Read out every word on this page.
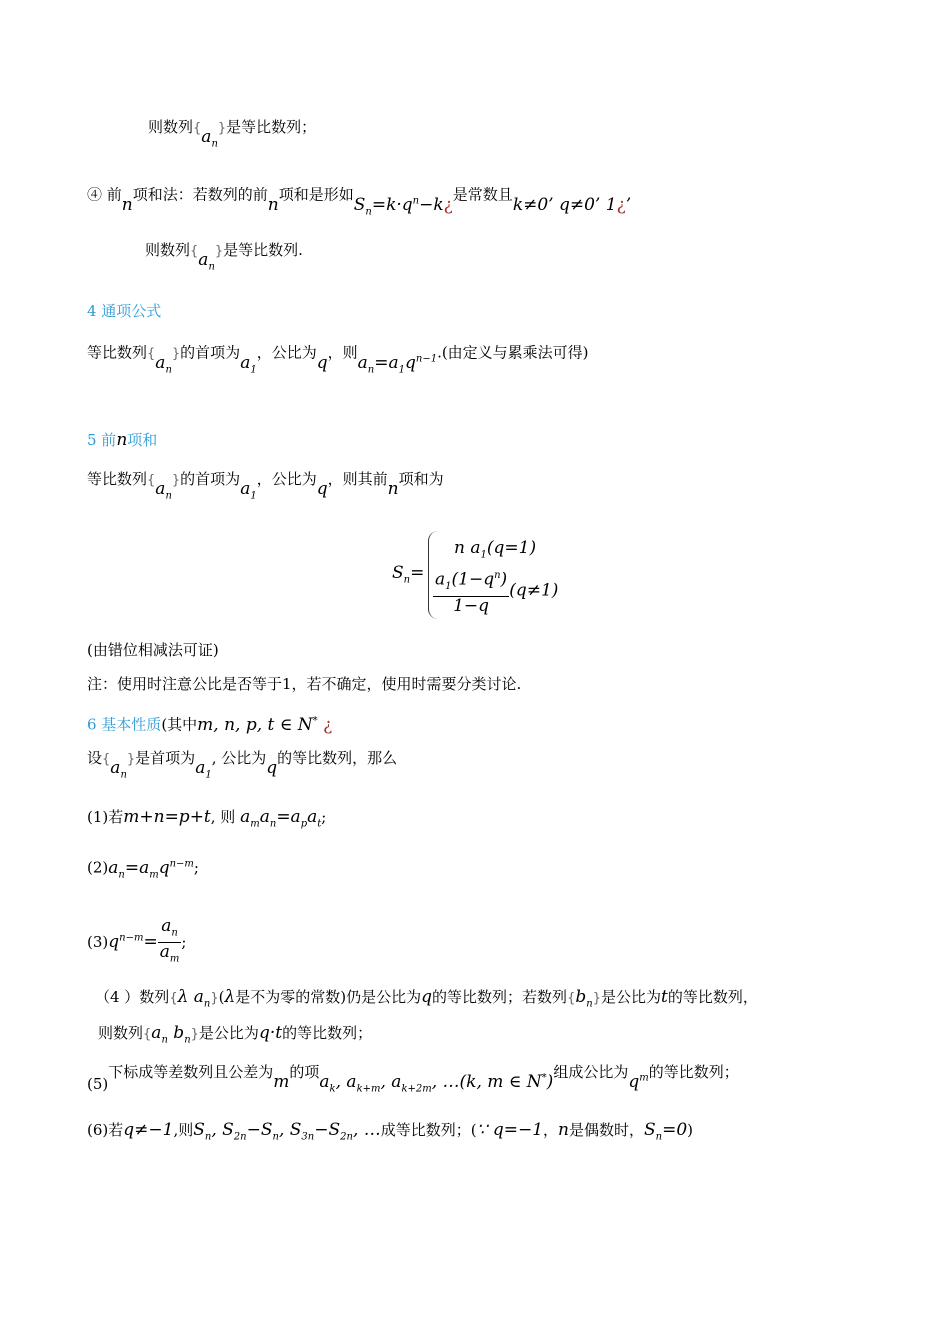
则数列$\{a_n\}$是等比数列；
④ 前n项和法：若数列的前n项和是形如$S_n=k\cdot q^n-k¿$是常数且k≠0’ q≠0’ 1¿’
则数列$\{a_n\}$是等比数列.
4 通项公式
等比数列$\{a_n\}$的首项为$a_1$，公比为q，则$a_n=a_1q^{n-1}$.(由定义与累乘法可得)
5 前n项和
等比数列$\{a_n\}$的首项为$a_1$，公比为q，则其前n项和为
$S_n=$
n $a_1(q=1)$
$\frac{a_1(1-q^n)}{1-q} (q\ne 1)$
(由错位相减法可证)
注：使用时注意公比是否等于1，若不确定，使用时需要分类讨论.
6 基本性质(其中m, n, p, t ∈ N* ¿
设$\{a_n\}$是首项为$a_1$, 公比为q的等比数列，那么
(1)若m+n=p+t, 则 $a_ma_n=a_pa_t$;
$(2)a_n=a_mq^{n-m}$;
$(3)q^{n-m}= \frac{a_n}{a_m}$ ;
（4 ）数列{λ $a_n\}(\lambda$是不为零的常数)仍是公比为q的等比数列；若数列$\{b_n\}$是公比为t的等比数列，
则数列{$a_n$ $b_n$}是公比为q·t的等比数列；
(5)下标成等差数列且公差为m的项$a_k$, $a_{k+m}$, $a_{k+2m}$, …(k, m ∈ N*)组成公比为$q^m$的等比数列；
(6)若q≠−1,则$S_n$, $S_{2n}-S_n$, $S_{3n}-S_{2n}$, …成等比数列；(∵ q=−1，n是偶数时，$S_n=0$)
